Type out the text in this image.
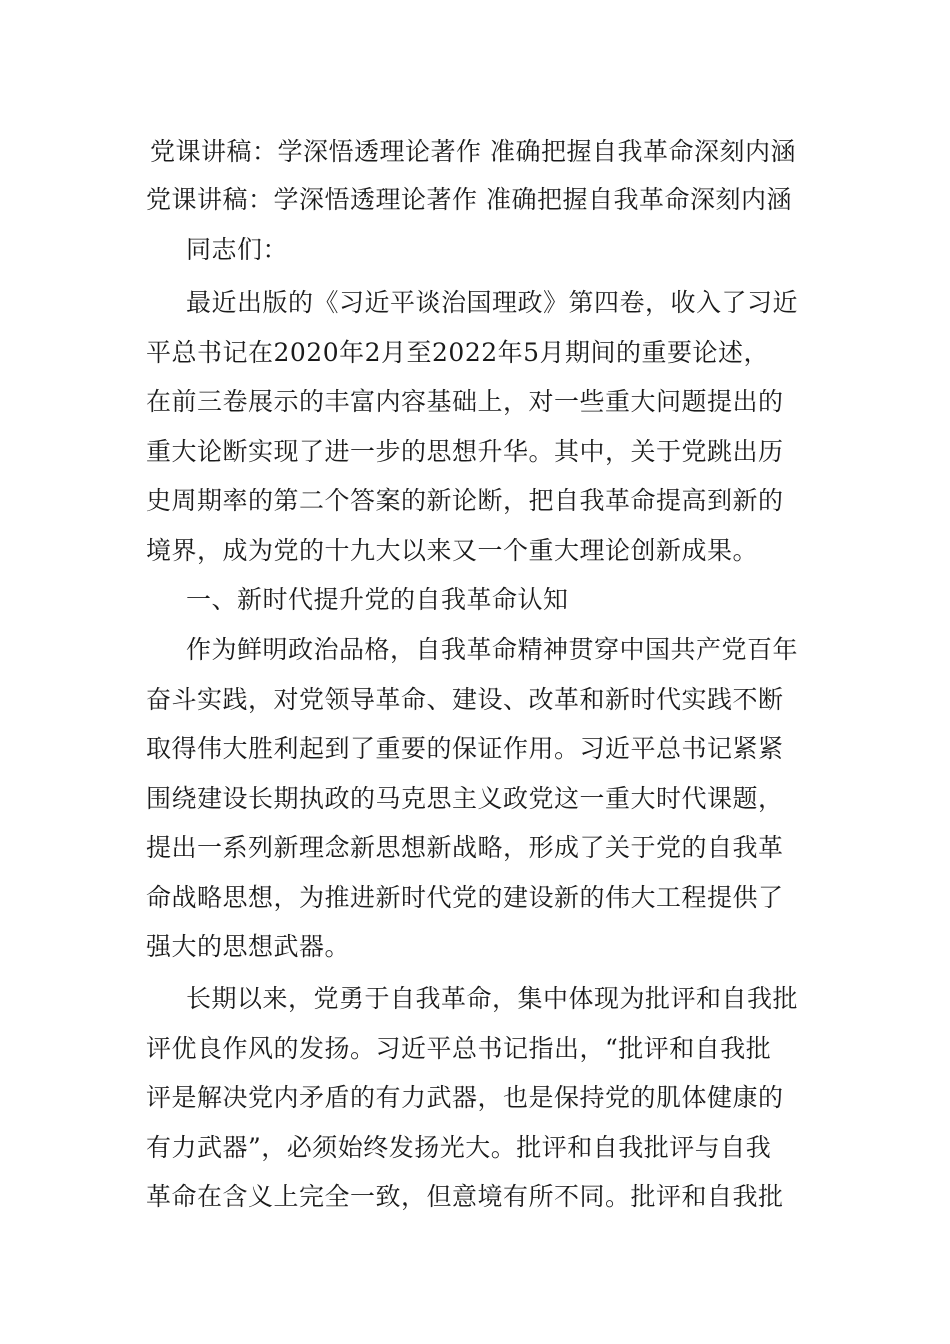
党课讲稿：学深悟透理论著作 准确把握自我革命深刻内涵
党课讲稿：学深悟透理论著作 准确把握自我革命深刻内涵
同志们：
最近出版的《习近平谈治国理政》第四卷，收入了习近
平总书记在2020年2月至2022年5月期间的重要论述，
在前三卷展示的丰富内容基础上，对一些重大问题提出的
重大论断实现了进一步的思想升华。其中，关于党跳出历
史周期率的第二个答案的新论断，把自我革命提高到新的
境界，成为党的十九大以来又一个重大理论创新成果。
一、新时代提升党的自我革命认知
作为鲜明政治品格，自我革命精神贯穿中国共产党百年
奋斗实践，对党领导革命、建设、改革和新时代实践不断
取得伟大胜利起到了重要的保证作用。习近平总书记紧紧
围绕建设长期执政的马克思主义政党这一重大时代课题，
提出一系列新理念新思想新战略，形成了关于党的自我革
命战略思想，为推进新时代党的建设新的伟大工程提供了
强大的思想武器。
长期以来，党勇于自我革命，集中体现为批评和自我批
评优良作风的发扬。习近平总书记指出，“批评和自我批
评是解决党内矛盾的有力武器，也是保持党的肌体健康的
有力武器”，必须始终发扬光大。批评和自我批评与自我
革命在含义上完全一致，但意境有所不同。批评和自我批
